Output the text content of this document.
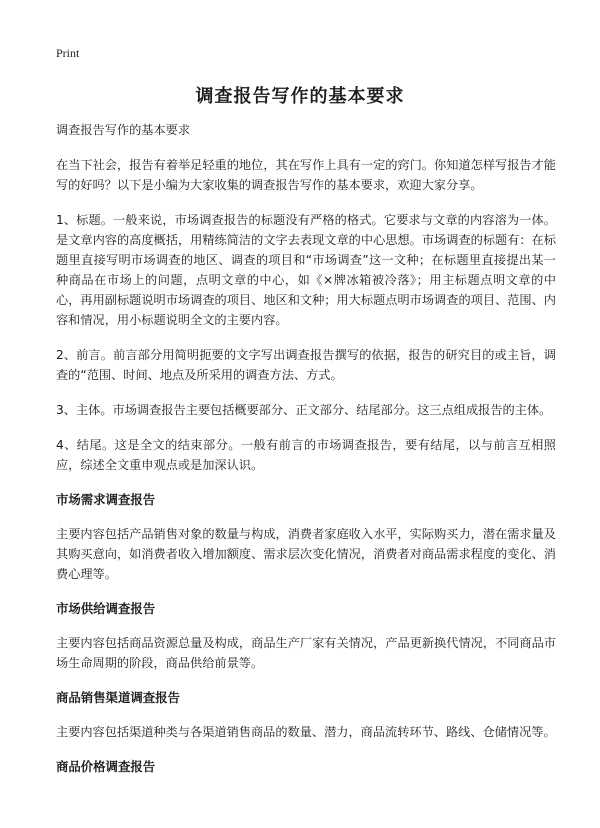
Print
调查报告写作的基本要求

调查报告写作的基本要求

在当下社会，报告有着举足轻重的地位，其在写作上具有一定的窍门。你知道怎样写报告才能写的好吗？以下是小编为大家收集的调查报告写作的基本要求，欢迎大家分享。

1、标题。一般来说，市场调查报告的标题没有严格的格式。它要求与文章的内容溶为一体。是文章内容的高度概括，用精练简洁的文字去表现文章的中心思想。市场调查的标题有：在标题里直接写明市场调查的地区、调查的项目和“市场调查”这一文种；在标题里直接提出某一种商品在市场上的问题，点明文章的中心，如《×牌冰箱被冷落》；用主标题点明文章的中心，再用副标题说明市场调查的项目、地区和文种；用大标题点明市场调查的项目、范围、内容和情况，用小标题说明全文的主要内容。

2、前言。前言部分用简明扼要的文字写出调查报告撰写的依据，报告的研究目的或主旨，调查的“范围、时间、地点及所采用的调查方法、方式。

3、主体。市场调查报告主要包括概要部分、正文部分、结尾部分。这三点组成报告的主体。

4、结尾。这是全文的结束部分。一般有前言的市场调查报告，要有结尾，以与前言互相照应，综述全文重申观点或是加深认识。

市场需求调查报告

主要内容包括产品销售对象的数量与构成，消费者家庭收入水平，实际购买力，潜在需求量及其购买意向，如消费者收入增加额度、需求层次变化情况，消费者对商品需求程度的变化、消费心理等。

市场供给调查报告

主要内容包括商品资源总量及构成，商品生产厂家有关情况，产品更新换代情况，不同商品市场生命周期的阶段，商品供给前景等。

商品销售渠道调查报告

主要内容包括渠道种类与各渠道销售商品的数量、潜力，商品流转环节、路线、仓储情况等。

商品价格调查报告
